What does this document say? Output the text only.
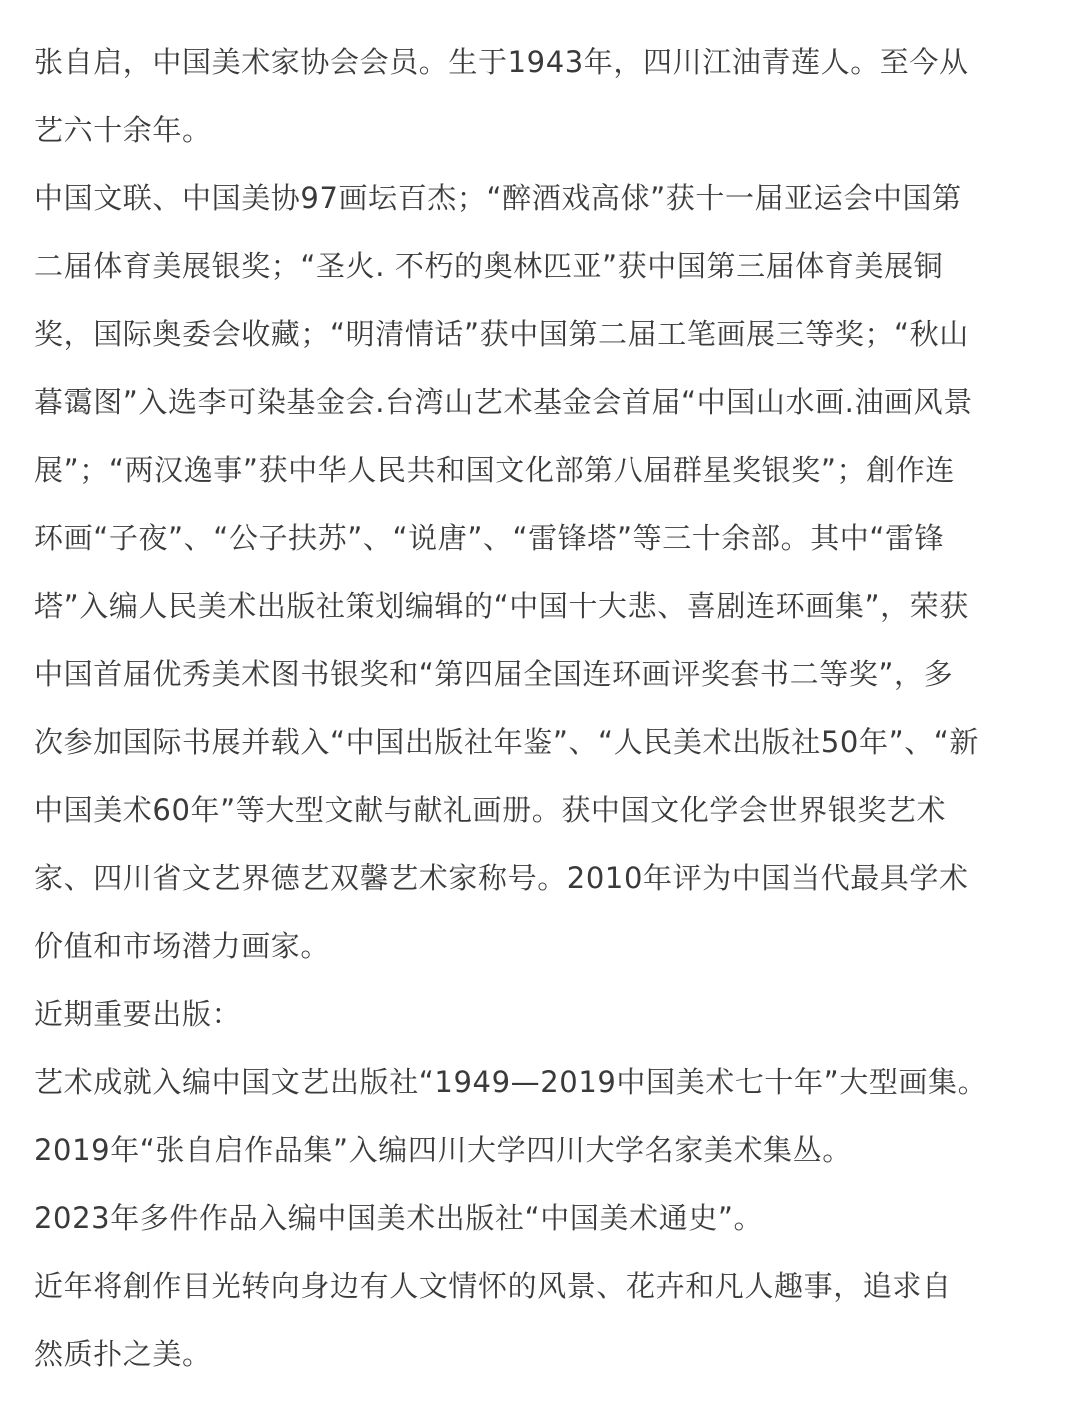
张自启，中国美术家协会会员。生于1943年，四川江油青莲人。至今从
艺六十余年。

中国文联、中国美协97画坛百杰；“醉酒戏高俅”获十一届亚运会中国第
二届体育美展银奖；“圣火. 不朽的奥林匹亚”获中国第三届体育美展铜
奖，国际奥委会收藏；“明清情话”获中国第二届工笔画展三等奖；“秋山
暮霭图”入选李可染基金会.台湾山艺术基金会首届“中国山水画.油画风景
展”；“两汉逸事”获中华人民共和国文化部第八届群星奖银奖”；創作连
环画“子夜”、“公子扶苏”、“说唐”、“雷锋塔”等三十余部。其中“雷锋
塔”入编人民美术出版社策划编辑的“中国十大悲、喜剧连环画集”，荣获
中国首届优秀美术图书银奖和“第四届全国连环画评奖套书二等奖”，多
次参加国际书展并载入“中国出版社年鉴”、“人民美术出版社50年”、“新
中国美术60年”等大型文献与献礼画册。获中国文化学会世界银奖艺术
家、四川省文艺界德艺双馨艺术家称号。2010年评为中国当代最具学术
价值和市场潜力画家。

近期重要出版：

艺术成就入编中国文艺出版社“1949—2019中国美术七十年”大型画集。

2019年“张自启作品集”入编四川大学四川大学名家美术集丛。

2023年多件作品入编中国美术出版社“中国美术通史”。

近年将創作目光转向身边有人文情怀的风景、花卉和凡人趣事，追求自
然质扑之美。
